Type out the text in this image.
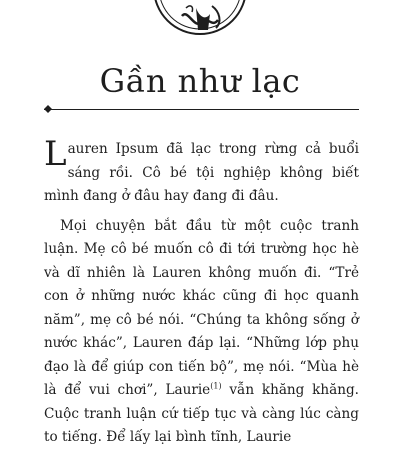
Gần như lạc

Lauren Ipsum đã lạc trong rừng cả buổi sáng rồi. Cô bé tội nghiệp không biết mình đang ở đâu hay đang đi đâu.

Mọi chuyện bắt đầu từ một cuộc tranh luận. Mẹ cô bé muốn cô đi tới trường học hè và dĩ nhiên là Lauren không muốn đi. “Trẻ con ở những nước khác cũng đi học quanh năm”, mẹ cô bé nói. “Chúng ta không sống ở nước khác”, Lauren đáp lại. “Những lớp phụ đạo là để giúp con tiến bộ”, mẹ nói. “Mùa hè là để vui chơi”, Laurie$^{(1)}$ vẫn khăng khăng. Cuộc tranh luận cứ tiếp tục và càng lúc càng to tiếng. Để lấy lại bình tĩnh, Laurie
